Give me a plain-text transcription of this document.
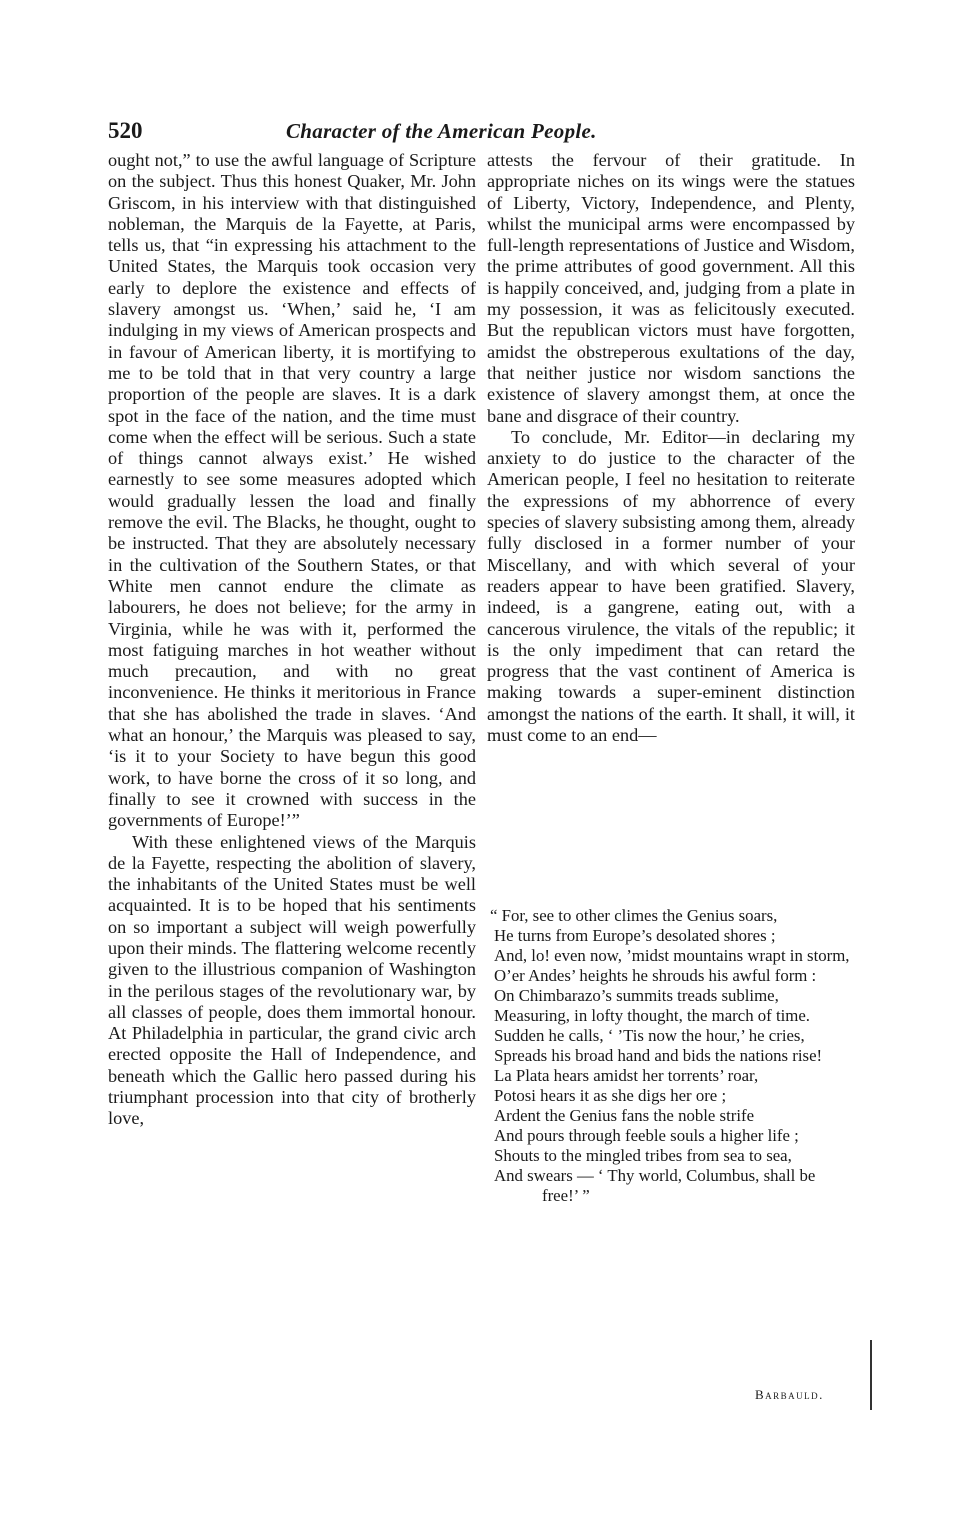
520	Character of the American People.

ought not,” to use the awful language of Scripture on the subject. Thus this honest Quaker, Mr. John Griscom, in his interview with that distinguished nobleman, the Marquis de la Fayette, at Paris, tells us, that “in expressing his attachment to the United States, the Marquis took occasion very early to deplore the existence and effects of slavery amongst us. ‘When,’ said he, ‘I am indulging in my views of American prospects and in favour of American liberty, it is mortifying to me to be told that in that very country a large proportion of the people are slaves. It is a dark spot in the face of the nation, and the time must come when the effect will be serious. Such a state of things cannot always exist.’ He wished earnestly to see some measures adopted which would gradually lessen the load and finally remove the evil. The Blacks, he thought, ought to be instructed. That they are absolutely necessary in the cultivation of the Southern States, or that White men cannot endure the climate as labourers, he does not believe; for the army in Virginia, while he was with it, performed the most fatiguing marches in hot weather without much precaution, and with no great inconvenience. He thinks it meritorious in France that she has abolished the trade in slaves. ‘And what an honour,’ the Marquis was pleased to say, ‘is it to your Society to have begun this good work, to have borne the cross of it so long, and finally to see it crowned with success in the governments of Europe!’”

With these enlightened views of the Marquis de la Fayette, respecting the abolition of slavery, the inhabitants of the United States must be well acquainted. It is to be hoped that his sentiments on so important a subject will weigh powerfully upon their minds. The flattering welcome recently given to the illustrious companion of Washington in the perilous stages of the revolutionary war, by all classes of people, does them immortal honour. At Philadelphia in particular, the grand civic arch erected opposite the Hall of Independence, and beneath which the Gallic hero passed during his triumphant procession into that city of brotherly love,

attests the fervour of their gratitude. In appropriate niches on its wings were the statues of Liberty, Victory, Independence, and Plenty, whilst the municipal arms were encompassed by full-length representations of Justice and Wisdom, the prime attributes of good government. All this is happily conceived, and, judging from a plate in my possession, it was as felicitously executed. But the republican victors must have forgotten, amidst the obstreperous exultations of the day, that neither justice nor wisdom sanctions the existence of slavery amongst them, at once the bane and disgrace of their country.

To conclude, Mr. Editor—in declaring my anxiety to do justice to the character of the American people, I feel no hesitation to reiterate the expressions of my abhorrence of every species of slavery subsisting among them, already fully disclosed in a former number of your Miscellany, and with which several of your readers appear to have been gratified. Slavery, indeed, is a gangrene, eating out, with a cancerous virulence, the vitals of the republic; it is the only impediment that can retard the progress that the vast continent of America is making towards a super-eminent distinction amongst the nations of the earth. It shall, it will, it must come to an end—

“ For, see to other climes the Genius soars,
He turns from Europe’s desolated shores ;
And, lo! even now, ’midst mountains wrapt in storm,
O’er Andes’ heights he shrouds his awful form :
On Chimbarazo’s summits treads sublime,
Measuring, in lofty thought, the march of time.
Sudden he calls, ‘ ’Tis now the hour,’ he cries,
Spreads his broad hand and bids the nations rise!
La Plata hears amidst her torrents’ roar,
Potosi hears it as she digs her ore ;
Ardent the Genius fans the noble strife
And pours through feeble souls a higher life ;
Shouts to the mingled tribes from sea to sea,
And swears — ‘ Thy world, Columbus, shall be free!’ ”
Barbauld.
